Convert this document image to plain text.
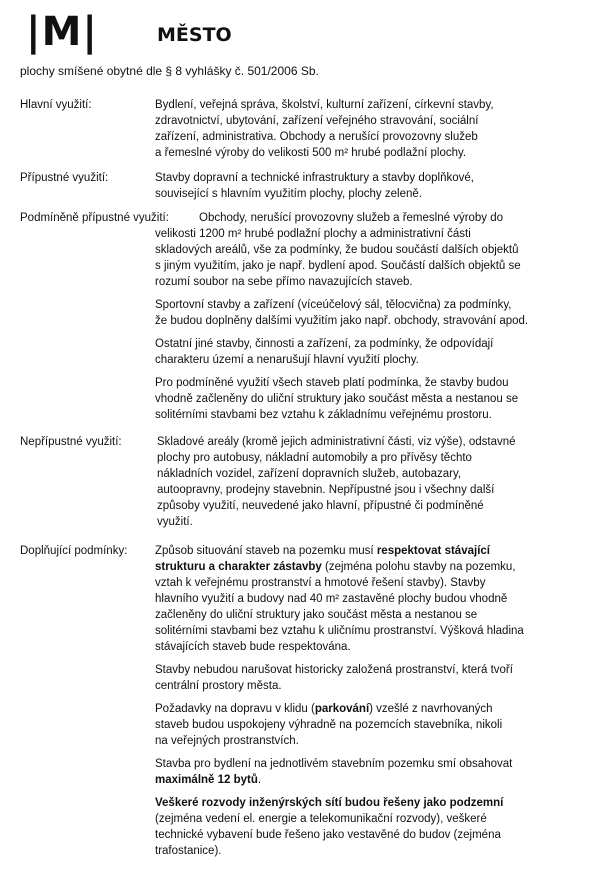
|M|	MĚSTO
plochy smíšené obytné dle § 8 vyhlášky č. 501/2006 Sb.
Hlavní využití:	Bydlení, veřejná správa, školství, kulturní zařízení, církevní stavby,
zdravotnictví, ubytování, zařízení veřejného stravování, sociální
zařízení, administrativa. Obchody a nerušící provozovny služeb
a řemeslné výroby do velikosti 500 m² hrubé podlažní plochy.

Přípustné využití:	Stavby dopravní a technické infrastruktury a stavby doplňkové,
související s hlavním využitím plochy, plochy zeleně.

Podmíněně přípustné využití:	Obchody, nerušící provozovny služeb a řemeslné výroby do
velikosti 1200 m² hrubé podlažní plochy a administrativní části
skladových areálů, vše za podmínky, že budou součástí dalších objektů
s jiným využitím, jako je např. bydlení apod. Součástí dalších objektů se
rozumí soubor na sebe přímo navazujících staveb.

Sportovní stavby a zařízení (víceúčelový sál, tělocvična) za podmínky,
že budou doplněny dalšími využitím jako např. obchody, stravování apod.

Ostatní jiné stavby, činnosti a zařízení, za podmínky, že odpovídají
charakteru území a nenarušují hlavní využití plochy.

Pro podmíněné využití všech staveb platí podmínka, že stavby budou
vhodně začleněny do uliční struktury jako součást města a nestanou se
solitérními stavbami bez vztahu k základnímu veřejnému prostoru.

Nepřípustné využití:	Skladové areály (kromě jejich administrativní části, viz výše), odstavné
plochy pro autobusy, nákladní automobily a pro přívěsy těchto
nákladních vozidel, zařízení dopravních služeb, autobazary,
autoopravny, prodejny stavebnin. Nepřípustné jsou i všechny další
způsoby využití, neuvedené jako hlavní, přípustné či podmíněné
využití.

Doplňující podmínky: Způsob situování staveb na pozemku musí respektovat stávající
strukturu a charakter zástavby (zejména polohu stavby na pozemku,
vztah k veřejnému prostranství a hmotové řešení stavby). Stavby
hlavního využití a budovy nad 40 m² zastavěné plochy budou vhodně
začleněny do uliční struktury jako součást města a nestanou se
solitérními stavbami bez vztahu k uličnímu prostranství. Výšková hladina
stávajících staveb bude respektována.

Stavby nebudou narušovat historicky založená prostranství, která tvoří
centrální prostory města.

Požadavky na dopravu v klidu (parkování) vzešlé z navrhovaných
staveb budou uspokojeny výhradně na pozemcích stavebníka, nikoli
na veřejných prostranstvích.

Stavba pro bydlení na jednotlivém stavebním pozemku smí obsahovat
maximálně 12 bytů.

Veškeré rozvody inženýrských sítí budou řešeny jako podzemní
(zejména vedení el. energie a telekomunikační rozvody), veškeré
technické vybavení bude řešeno jako vestavěné do budov (zejména
trafostanice).
